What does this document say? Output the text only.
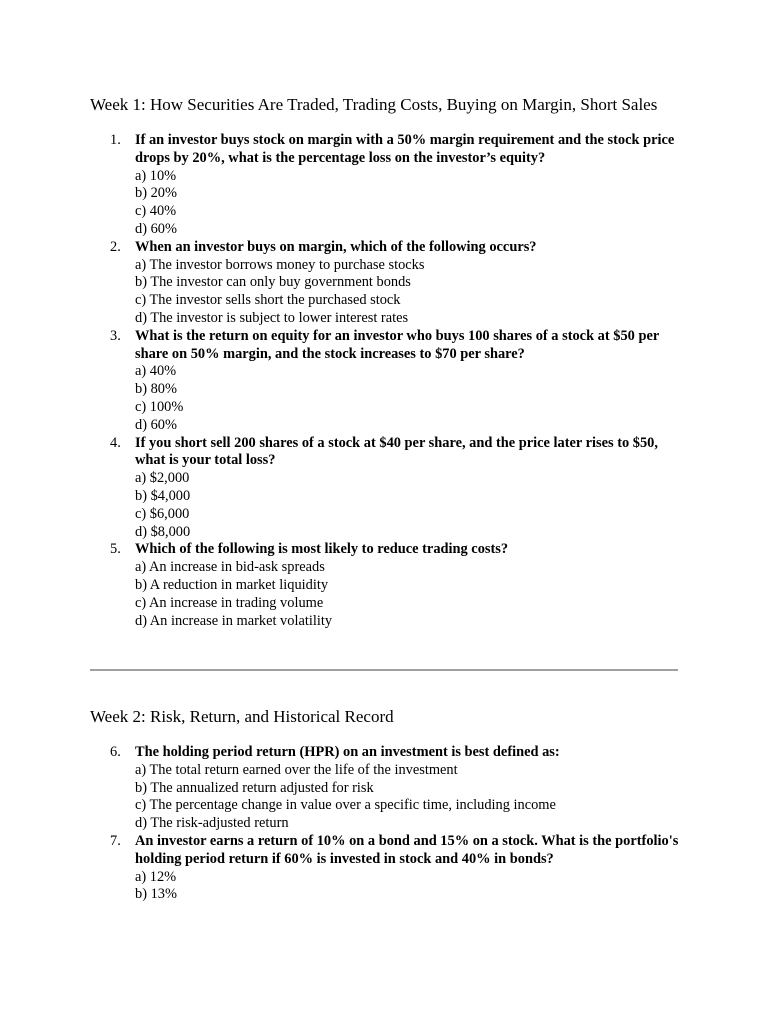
Week 1: How Securities Are Traded, Trading Costs, Buying on Margin, Short Sales
1. If an investor buys stock on margin with a 50% margin requirement and the stock price drops by 20%, what is the percentage loss on the investor’s equity?
a) 10%
b) 20%
c) 40%
d) 60%
2. When an investor buys on margin, which of the following occurs?
a) The investor borrows money to purchase stocks
b) The investor can only buy government bonds
c) The investor sells short the purchased stock
d) The investor is subject to lower interest rates
3. What is the return on equity for an investor who buys 100 shares of a stock at $50 per share on 50% margin, and the stock increases to $70 per share?
a) 40%
b) 80%
c) 100%
d) 60%
4. If you short sell 200 shares of a stock at $40 per share, and the price later rises to $50, what is your total loss?
a) $2,000
b) $4,000
c) $6,000
d) $8,000
5. Which of the following is most likely to reduce trading costs?
a) An increase in bid-ask spreads
b) A reduction in market liquidity
c) An increase in trading volume
d) An increase in market volatility
Week 2: Risk, Return, and Historical Record
6. The holding period return (HPR) on an investment is best defined as:
a) The total return earned over the life of the investment
b) The annualized return adjusted for risk
c) The percentage change in value over a specific time, including income
d) The risk-adjusted return
7. An investor earns a return of 10% on a bond and 15% on a stock. What is the portfolio's holding period return if 60% is invested in stock and 40% in bonds?
a) 12%
b) 13%
